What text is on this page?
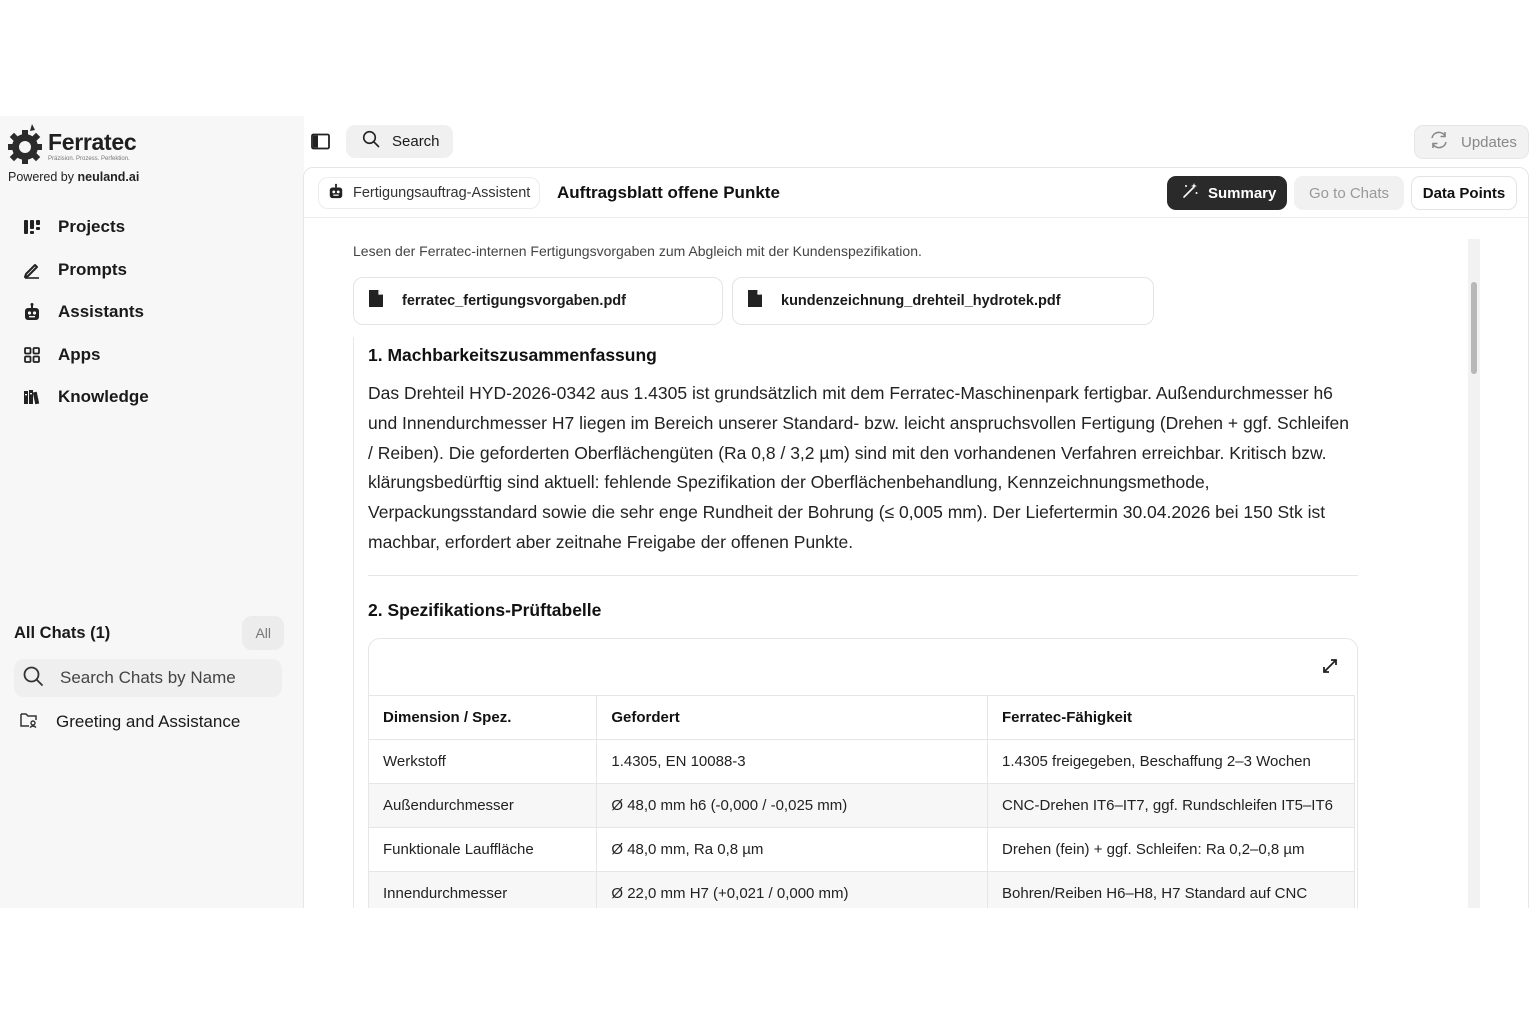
Ferratec
Präzision. Prozess. Perfektion.
Powered by neuland.ai
Projects
Prompts
Assistants
Apps
Knowledge
All Chats (1)	All
Search Chats by Name
Greeting and Assistance
Search	Updates
Fertigungsauftrag-Assistent Auftragsblatt offene Punkte	Summary	Go to Chats	Data Points
Lesen der Ferratec-internen Fertigungsvorgaben zum Abgleich mit der Kundenspezifikation.
ferratec_fertigungsvorgaben.pdf	kundenzeichnung_drehteil_hydrotek.pdf
1. Machbarkeitszusammenfassung
Das Drehteil HYD-2026-0342 aus 1.4305 ist grundsätzlich mit dem Ferratec-Maschinenpark fertigbar. Außendurchmesser h6 und Innendurchmesser H7 liegen im Bereich unserer Standard- bzw. leicht anspruchsvollen Fertigung (Drehen + ggf. Schleifen / Reiben). Die geforderten Oberflächengüten (Ra 0,8 / 3,2 µm) sind mit den vorhandenen Verfahren erreichbar. Kritisch bzw. klärungsbedürftig sind aktuell: fehlende Spezifikation der Oberflächenbehandlung, Kennzeichnungsmethode, Verpackungsstandard sowie die sehr enge Rundheit der Bohrung (≤ 0,005 mm). Der Liefertermin 30.04.2026 bei 150 Stk ist machbar, erfordert aber zeitnahe Freigabe der offenen Punkte.
2. Spezifikations-Prüftabelle
Dimension / Spez.	Gefordert	Ferratec-Fähigkeit
Werkstoff	1.4305, EN 10088-3	1.4305 freigegeben, Beschaffung 2–3 Wochen
Außendurchmesser	Ø 48,0 mm h6 (-0,000 / -0,025 mm)	CNC-Drehen IT6–IT7, ggf. Rundschleifen IT5–IT6
Funktionale Lauffläche	Ø 48,0 mm, Ra 0,8 µm	Drehen (fein) + ggf. Schleifen: Ra 0,2–0,8 µm
Innendurchmesser	Ø 22,0 mm H7 (+0,021 / 0,000 mm)	Bohren/Reiben H6–H8, H7 Standard auf CNC
